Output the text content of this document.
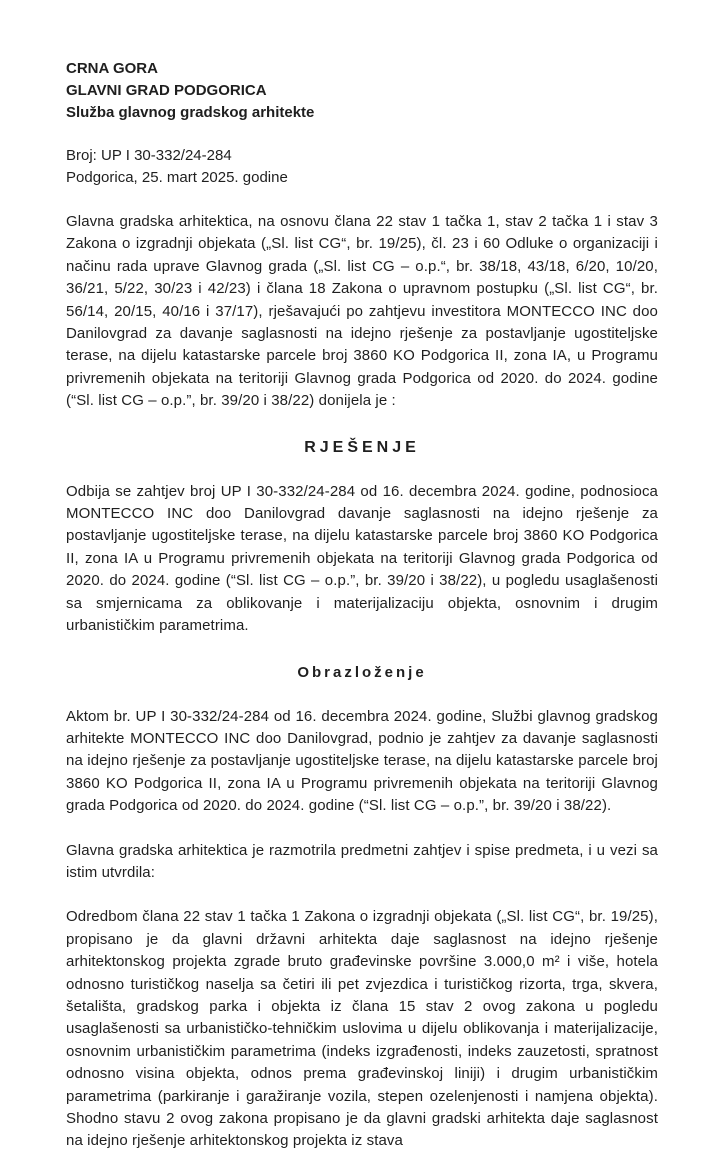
CRNA GORA
GLAVNI GRAD PODGORICA
Služba glavnog gradskog arhitekte
Broj: UP I 30-332/24-284
Podgorica, 25. mart 2025. godine

Glavna gradska arhitektica, na osnovu člana 22 stav 1 tačka 1, stav 2 tačka 1 i stav 3 Zakona o izgradnji objekata („Sl. list CG“, br. 19/25), čl. 23 i 60 Odluke o organizaciji i načinu rada uprave Glavnog grada („Sl. list CG – o.p.“, br. 38/18, 43/18, 6/20, 10/20, 36/21, 5/22, 30/23 i 42/23) i člana 18 Zakona o upravnom postupku („Sl. list CG“, br. 56/14, 20/15, 40/16 i 37/17), rješavajući po zahtjevu investitora MONTECCO INC doo Danilovgrad za davanje saglasnosti na idejno rješenje za postavljanje ugostiteljske terase, na dijelu katastarske parcele broj 3860 KO Podgorica II, zona IA, u Programu privremenih objekata na teritoriji Glavnog grada Podgorica od 2020. do 2024. godine (“Sl. list CG – o.p.”, br. 39/20 i 38/22) donijela je :

RJEŠENJE

Odbija se zahtjev broj UP I 30-332/24-284 od 16. decembra 2024. godine, podnosioca MONTECCO INC doo Danilovgrad davanje saglasnosti na idejno rješenje za postavljanje ugostiteljske terase, na dijelu katastarske parcele broj 3860 KO Podgorica II, zona IA u Programu privremenih objekata na teritoriji Glavnog grada Podgorica od 2020. do 2024. godine (“Sl. list CG – o.p.”, br. 39/20 i 38/22), u pogledu usaglašenosti sa smjernicama za oblikovanje i materijalizaciju objekta, osnovnim i drugim urbanističkim parametrima.

Obrazloženje

Aktom br. UP I 30-332/24-284 od 16. decembra 2024. godine, Službi glavnog gradskog arhitekte MONTECCO INC doo Danilovgrad, podnio je zahtjev za davanje saglasnosti na idejno rješenje za postavljanje ugostiteljske terase, na dijelu katastarske parcele broj 3860 KO Podgorica II, zona IA u Programu privremenih objekata na teritoriji Glavnog grada Podgorica od 2020. do 2024. godine (“Sl. list CG – o.p.”, br. 39/20 i 38/22).

Glavna gradska arhitektica je razmotrila predmetni zahtjev i spise predmeta, i u vezi sa istim utvrdila:

Odredbom člana 22 stav 1 tačka 1 Zakona o izgradnji objekata („Sl. list CG“, br. 19/25), propisano je da glavni državni arhitekta daje saglasnost na idejno rješenje arhitektonskog projekta zgrade bruto građevinske površine 3.000,0 m² i više, hotela odnosno turističkog naselja sa četiri ili pet zvjezdica i turističkog rizorta, trga, skvera, šetališta, gradskog parka i objekta iz člana 15 stav 2 ovog zakona u pogledu usaglašenosti sa urbanističko-tehničkim uslovima u dijelu oblikovanja i materijalizacije, osnovnim urbanističkim parametrima (indeks izgrađenosti, indeks zauzetosti, spratnost odnosno visina objekta, odnos prema građevinskoj liniji) i drugim urbanističkim parametrima (parkiranje i garažiranje vozila, stepen ozelenjenosti i namjena objekta). Shodno stavu 2 ovog zakona propisano je da glavni gradski arhitekta daje saglasnost na idejno rješenje arhitektonskog projekta iz stava
